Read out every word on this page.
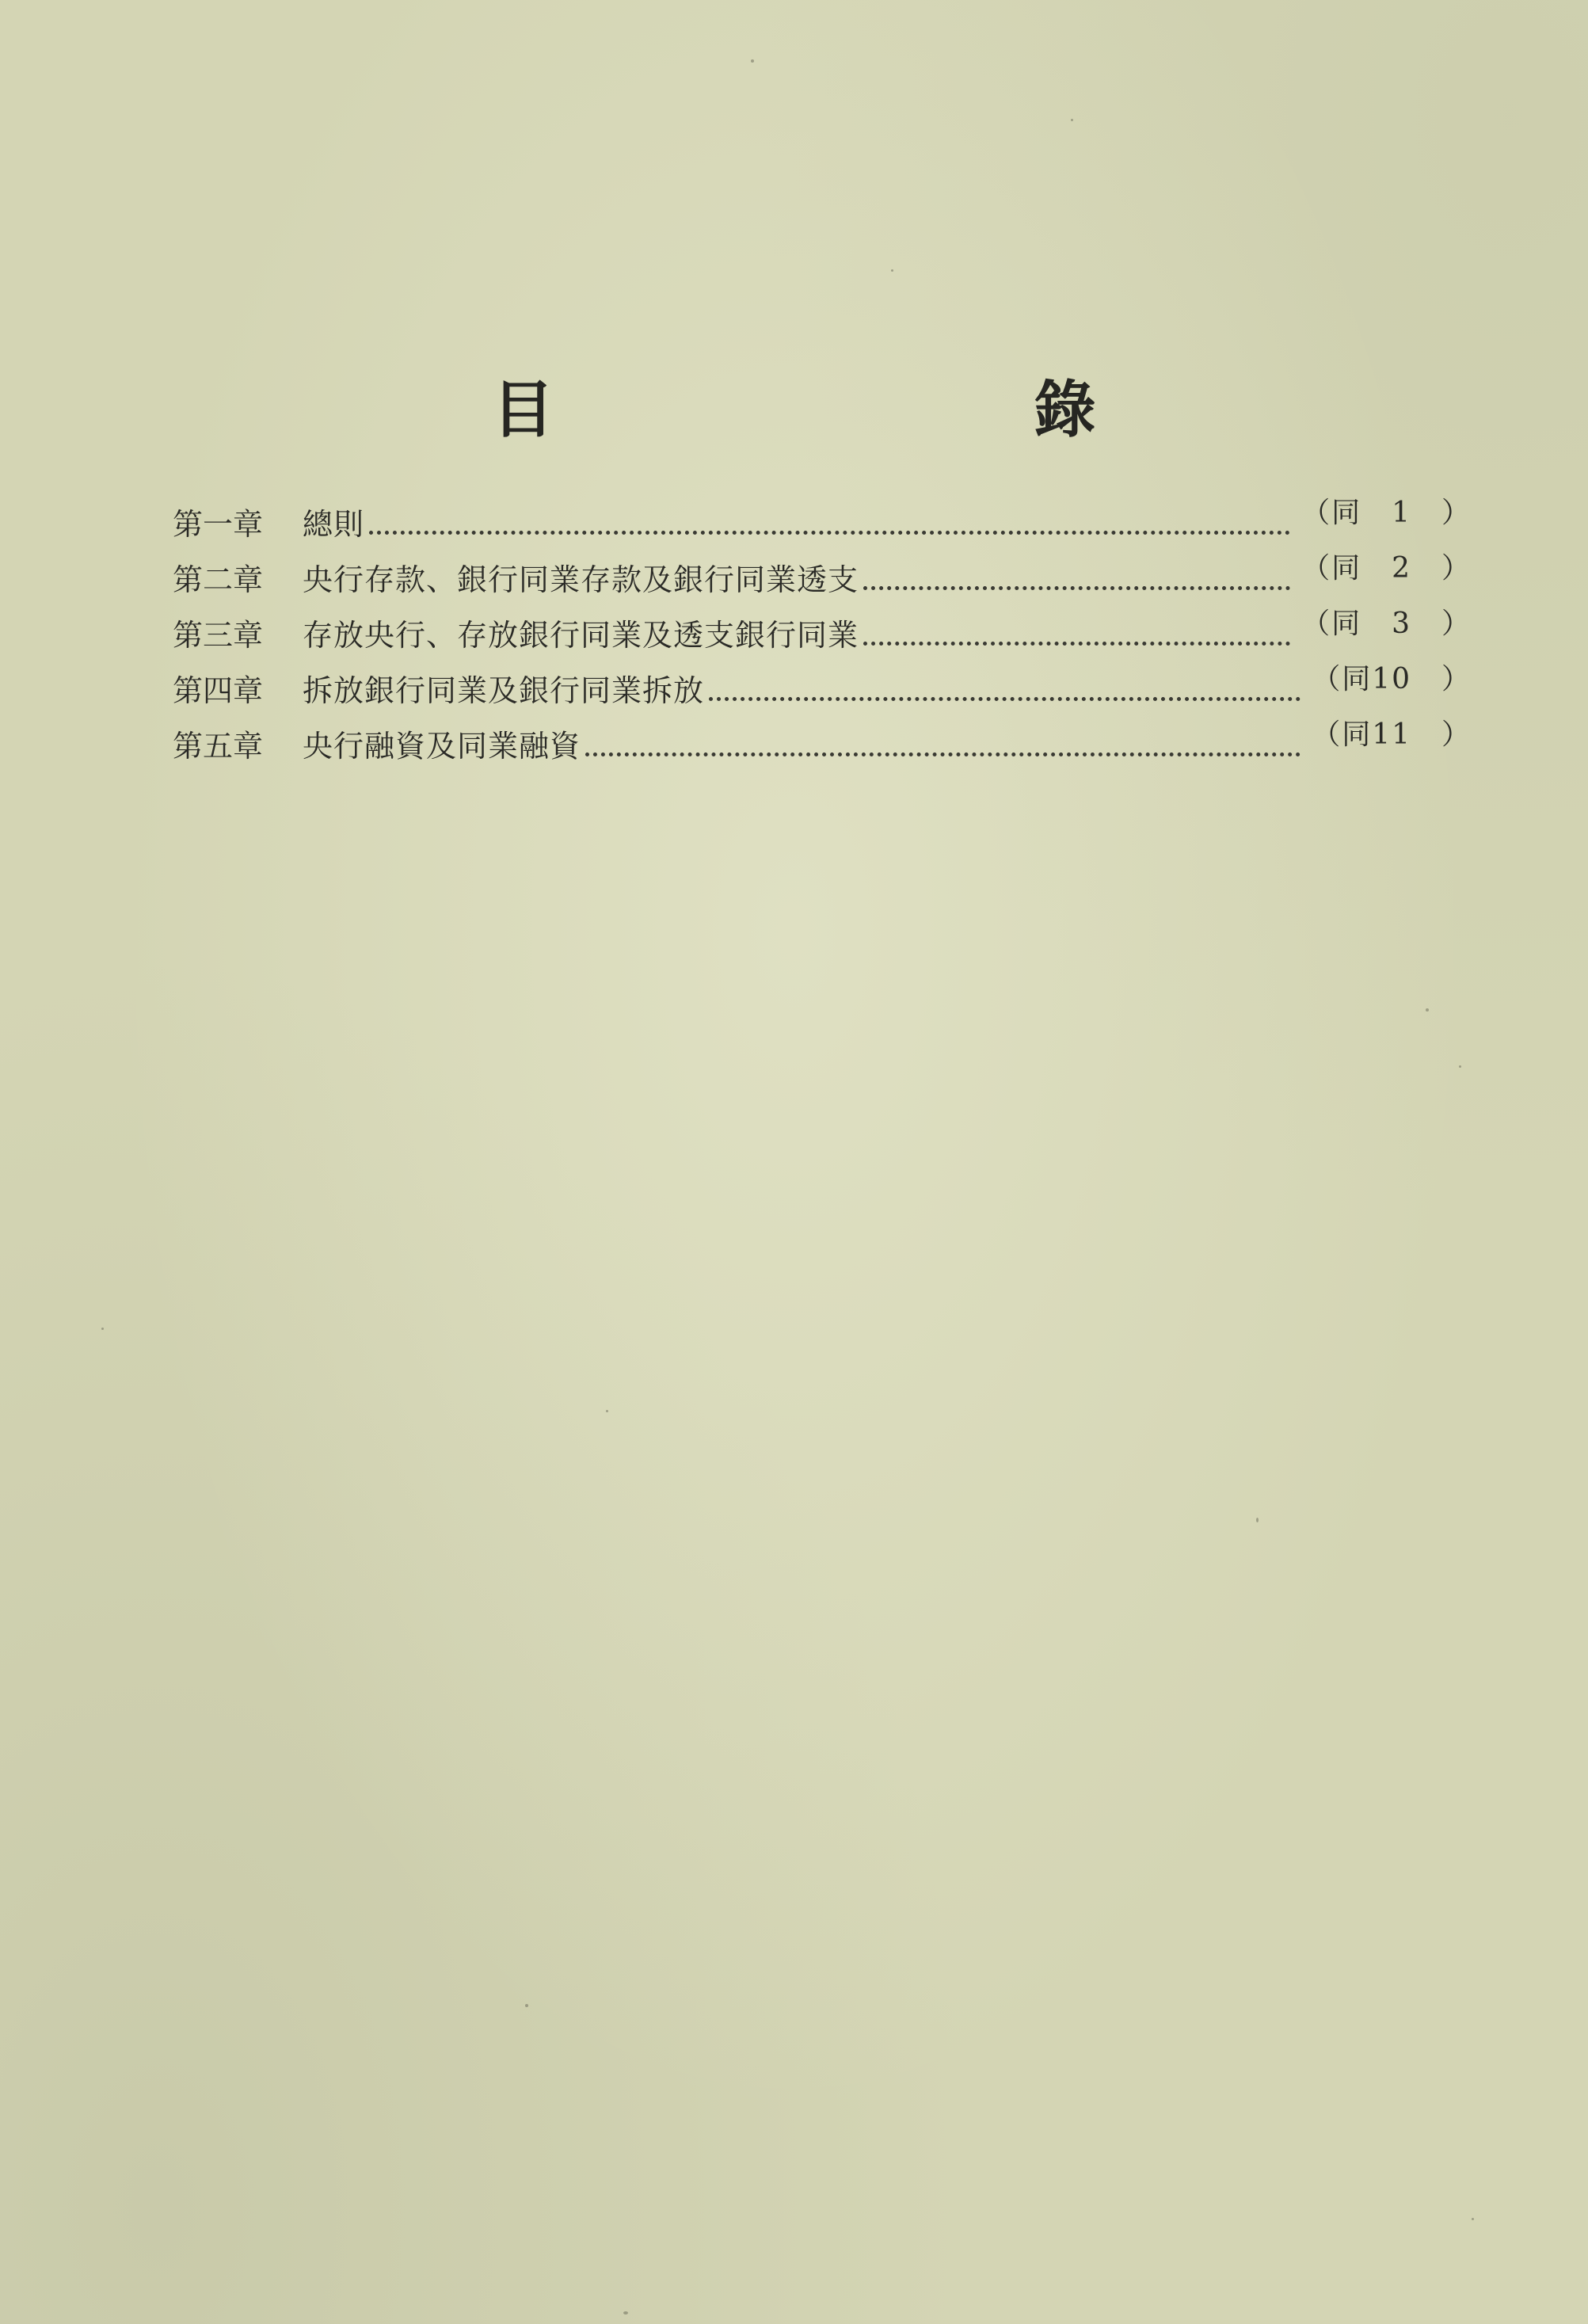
目　　錄
第一章	總則	（同　1　）
第二章	央行存款、銀行同業存款及銀行同業透支	（同　2　）
第三章	存放央行、存放銀行同業及透支銀行同業	（同　3　）
第四章	拆放銀行同業及銀行同業拆放	（同10　）
第五章	央行融資及同業融資	（同11　）
